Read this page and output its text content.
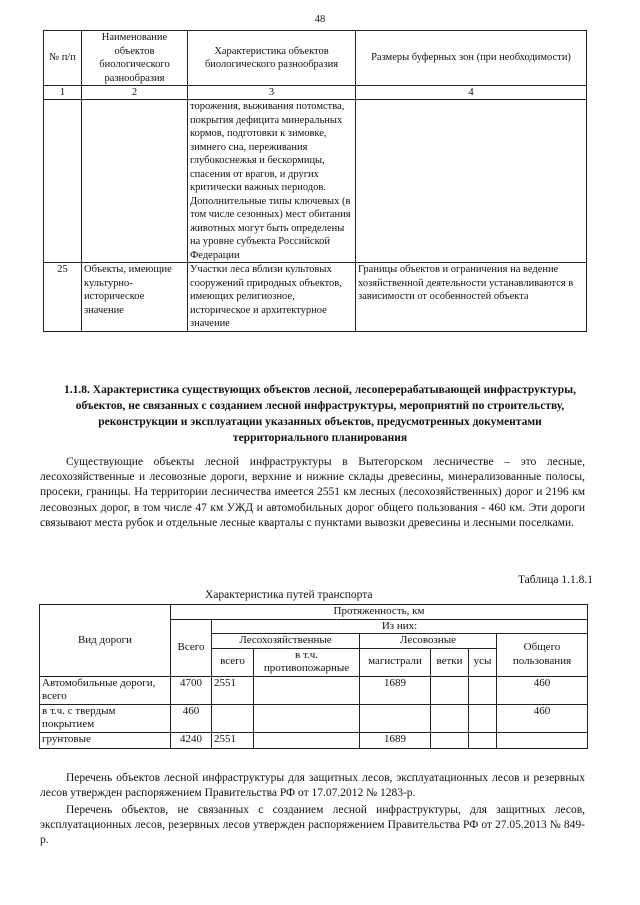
48
№ п/п	Наименование объектов биологического разнообразия	Характеристика объектов биологического разнообразия	Размеры буферных зон (при необходимости)
1	2	3	4
		торожения, выживания потомства, покрытия дефицита минеральных кормов, подготовки к зимовке, зимнего сна, переживания глубокоснежья и бескормицы, спасения от врагов, и других критически важных периодов. Дополнительные типы ключевых (в том числе сезонных) мест обитания животных могут быть определены на уровне субъекта Российской Федерации	
25	Объекты, имеющие культурно-историческое значение	Участки леса вблизи культовых сооружений природных объектов, имеющих религиозное, историческое и архитектурное значение	Границы объектов и ограничения на ведение хозяйственной деятельности устанавливаются в зависимости от особенностей объекта
1.1.8. Характеристика существующих объектов лесной, лесоперерабатывающей инфраструктуры, объектов, не связанных с созданием лесной инфраструктуры, мероприятий по строительству, реконструкции и эксплуатации указанных объектов, предусмотренных документами территориального планирования

Существующие объекты лесной инфраструктуры в Вытегорском лесничестве – это лесные, лесохозяйственные и лесовозные дороги, верхние и нижние склады древесины, минерализованные полосы, просеки, границы. На территории лесничества имеется 2551 км лесных (лесохозяйственных) дорог и 2196 км лесовозных дорог, в том числе 47 км УЖД и автомобильных дорог общего пользования - 460 км. Эти дороги связывают места рубок и отдельные лесные кварталы с пунктами вывозки древесины и лесными поселками.

Таблица 1.1.8.1
Характеристика путей транспорта
Вид дороги	Протяженность, км						
	Всего	Из них:					
		Лесохозяйственные		Лесовозные			Общего пользования
		всего	в т.ч. противопожарные	магистрали	ветки	усы	
Автомобильные дороги, всего	4700	2551		1689			460
в т.ч. с твердым покрытием	460						460
грунтовые	4240	2551		1689			

Перечень объектов лесной инфраструктуры для защитных лесов, эксплуатационных лесов и резервных лесов утвержден распоряжением Правительства РФ от 17.07.2012 № 1283-р.

Перечень объектов, не связанных с созданием лесной инфраструктуры, для защитных лесов, эксплуатационных лесов, резервных лесов утвержден распоряжением Правительства РФ от 27.05.2013 № 849-р.
